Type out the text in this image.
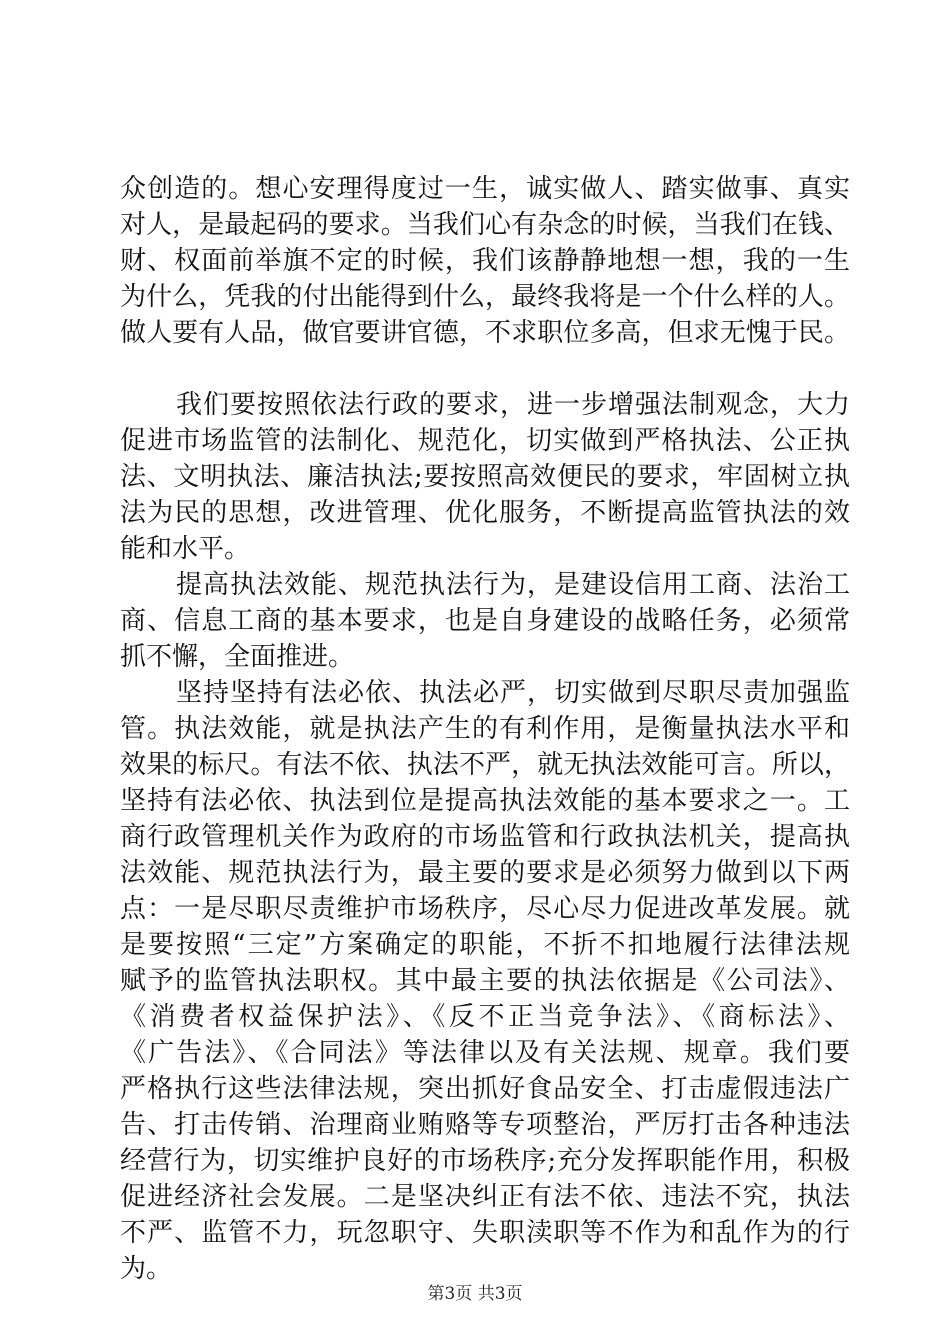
众创造的。想心安理得度过一生，诚实做人、踏实做事、真实
对人，是最起码的要求。当我们心有杂念的时候，当我们在钱、
财、权面前举旗不定的时候，我们该静静地想一想，我的一生
为什么，凭我的付出能得到什么，最终我将是一个什么样的人。
做人要有人品，做官要讲官德，不求职位多高，但求无愧于民。
我们要按照依法行政的要求，进一步增强法制观念，大力
促进市场监管的法制化、规范化，切实做到严格执法、公正执
法、文明执法、廉洁执法;要按照高效便民的要求，牢固树立执
法为民的思想，改进管理、优化服务，不断提高监管执法的效
能和水平。
提高执法效能、规范执法行为，是建设信用工商、法治工
商、信息工商的基本要求，也是自身建设的战略任务，必须常
抓不懈，全面推进。
坚持坚持有法必依、执法必严，切实做到尽职尽责加强监
管。执法效能，就是执法产生的有利作用，是衡量执法水平和
效果的标尺。有法不依、执法不严，就无执法效能可言。所以，
坚持有法必依、执法到位是提高执法效能的基本要求之一。工
商行政管理机关作为政府的市场监管和行政执法机关，提高执
法效能、规范执法行为，最主要的要求是必须努力做到以下两
点：一是尽职尽责维护市场秩序，尽心尽力促进改革发展。就
是要按照“三定”方案确定的职能，不折不扣地履行法律法规
赋予的监管执法职权。其中最主要的执法依据是《公司法》、
《消费者权益保护法》、《反不正当竞争法》、《商标法》、
《广告法》、《合同法》等法律以及有关法规、规章。我们要
严格执行这些法律法规，突出抓好食品安全、打击虚假违法广
告、打击传销、治理商业贿赂等专项整治，严厉打击各种违法
经营行为，切实维护良好的市场秩序;充分发挥职能作用，积极
促进经济社会发展。二是坚决纠正有法不依、违法不究，执法
不严、监管不力，玩忽职守、失职渎职等不作为和乱作为的行
为。
第3页 共3页
